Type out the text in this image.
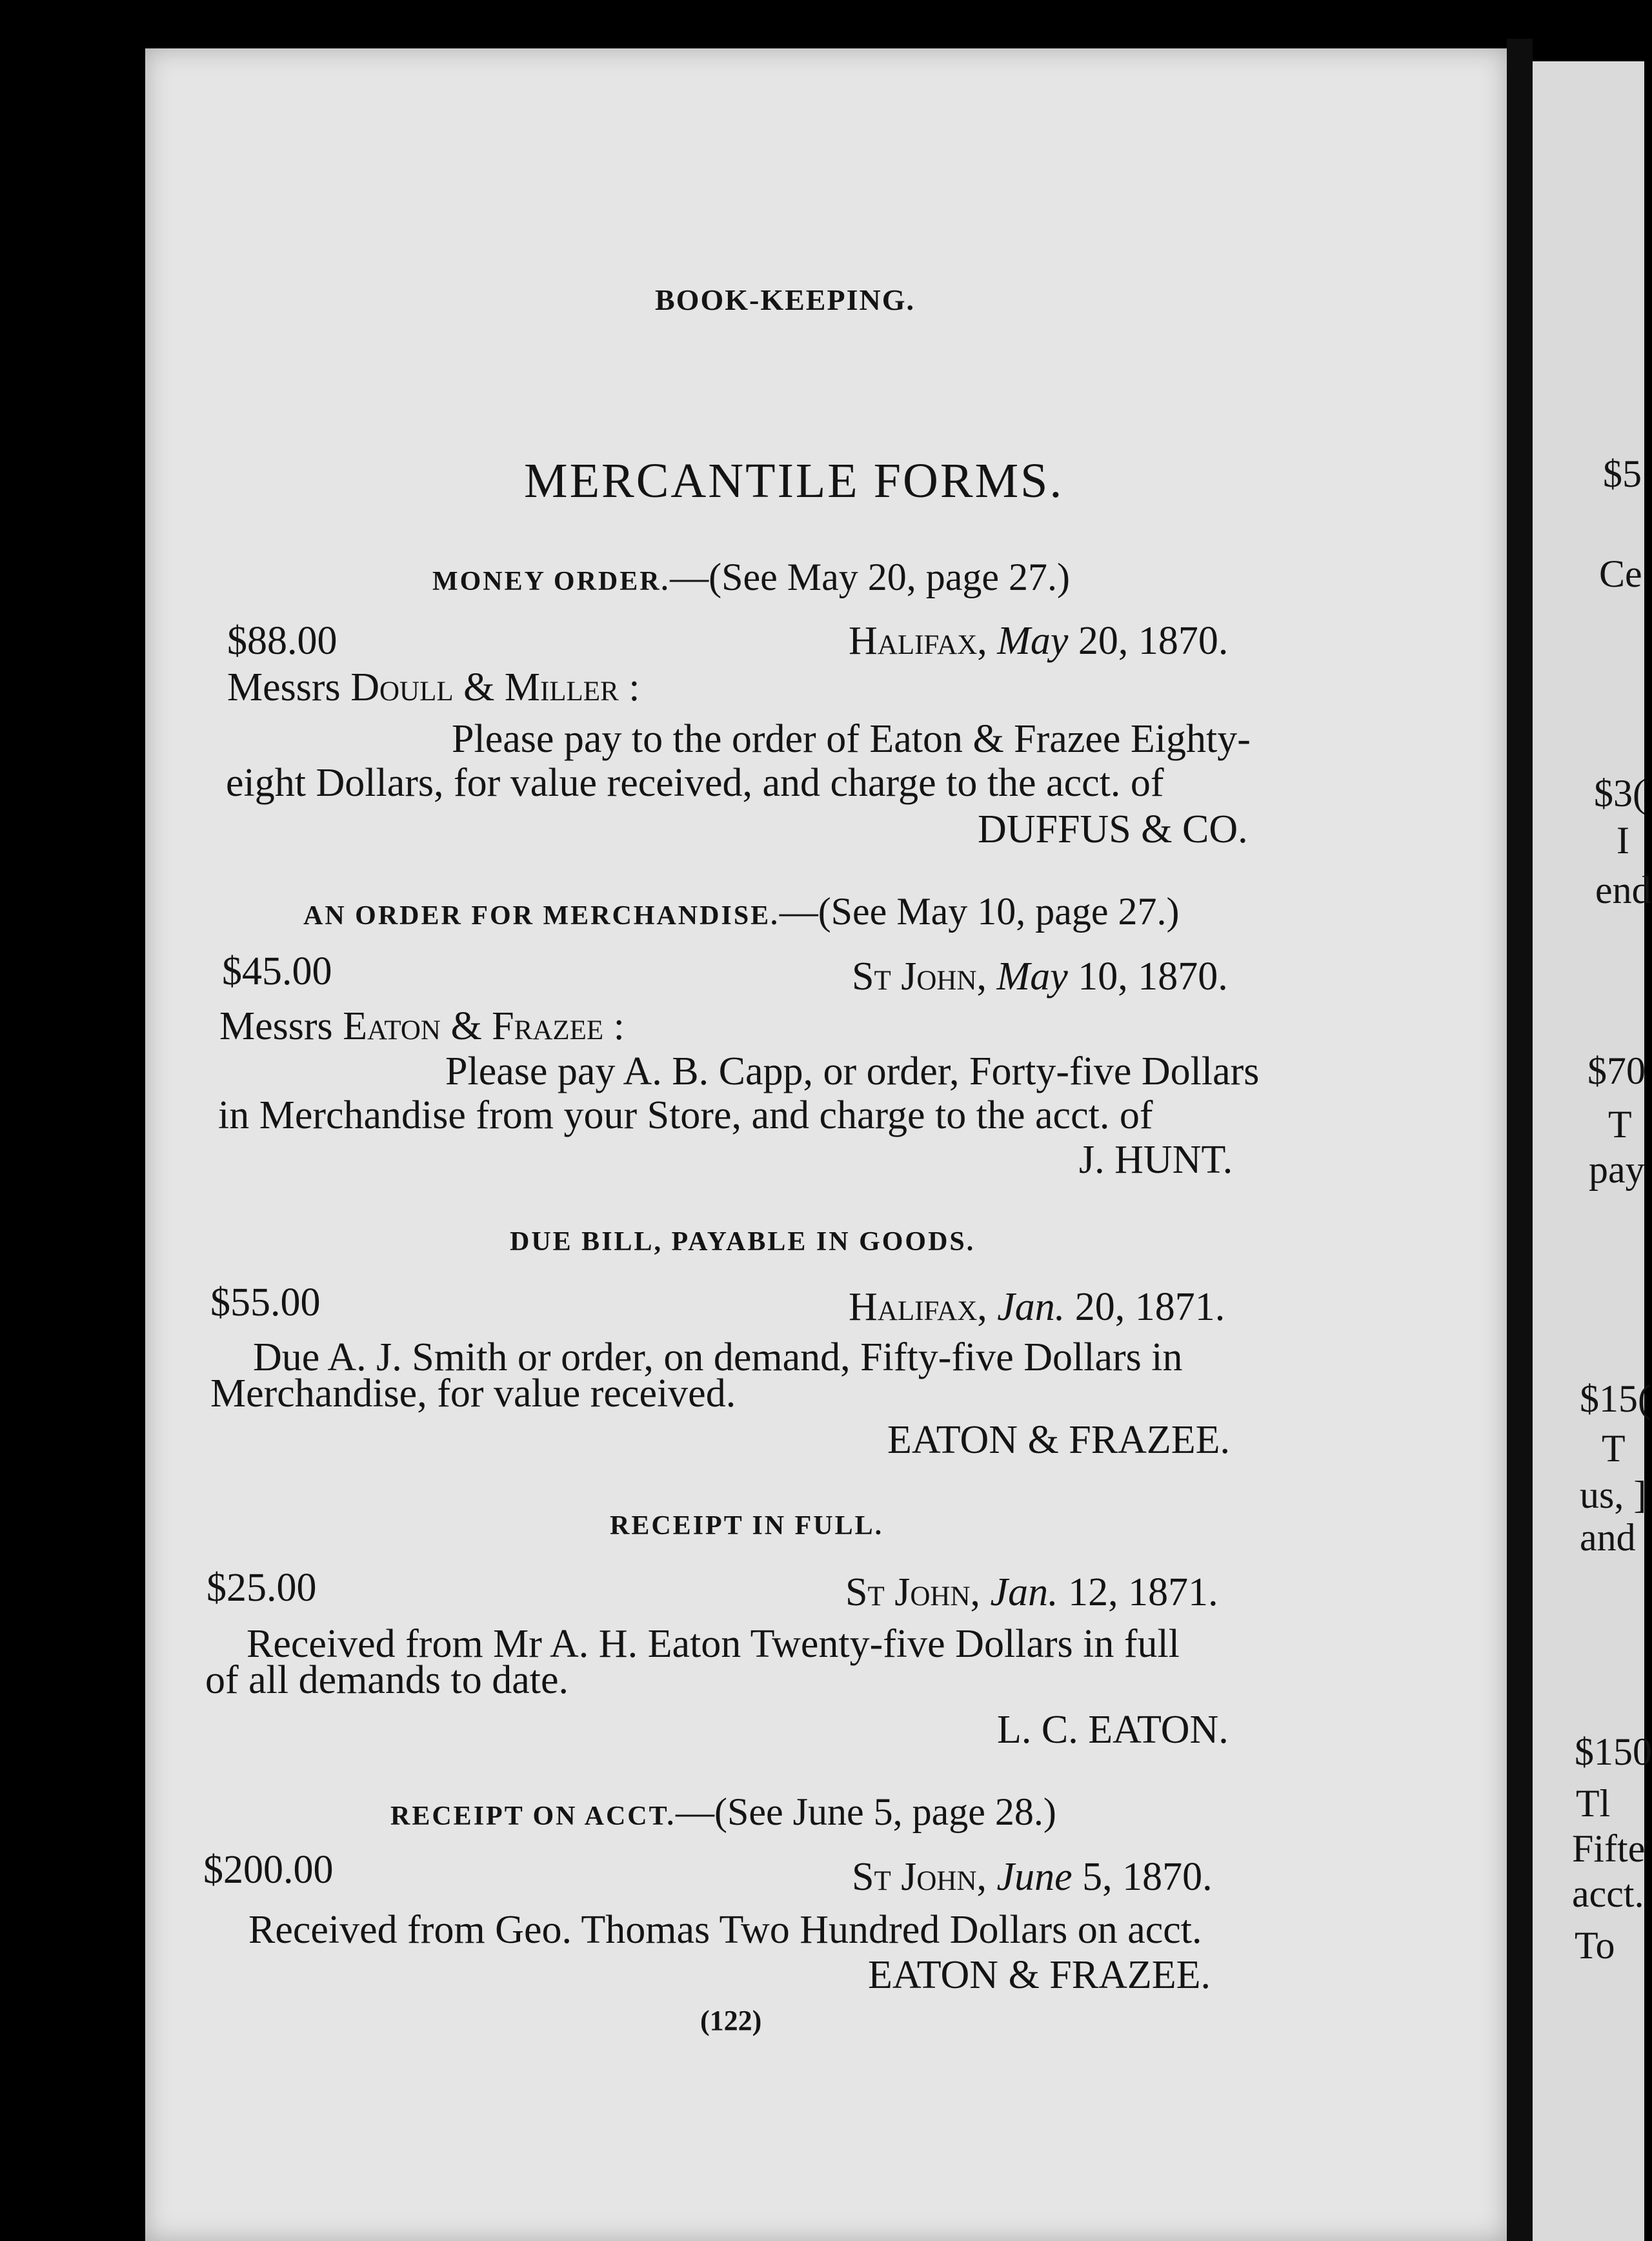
BOOK-KEEPING.
MERCANTILE FORMS.
MONEY ORDER.—(See May 20, page 27.)
$88.00	Halifax, May 20, 1870.
Messrs Doull & Miller :
Please pay to the order of Eaton & Frazee Eighty-
eight Dollars, for value received, and charge to the acct. of
DUFFUS & CO.
AN ORDER FOR MERCHANDISE.—(See May 10, page 27.)
$45.00	St John, May 10, 1870.
Messrs Eaton & Frazee :
Please pay A. B. Capp, or order, Forty-five Dollars
in Merchandise from your Store, and charge to the acct. of
J. HUNT.
DUE BILL, PAYABLE IN GOODS.
$55.00	Halifax, Jan. 20, 1871.
Due A. J. Smith or order, on demand, Fifty-five Dollars in
Merchandise, for value received.
EATON & FRAZEE.
RECEIPT IN FULL.
$25.00	St John, Jan. 12, 1871.
Received from Mr A. H. Eaton Twenty-five Dollars in full
of all demands to date.
L. C. EATON.
RECEIPT ON ACCT.—(See June 5, page 28.)
$200.00	St John, June 5, 1870.
Received from Geo. Thomas Two Hundred Dollars on acct.
EATON & FRAZEE.
(122)
$5
Ce
$3(
I
end
$70
T
pay
$15(
T
us, ]
and
$150
Tl
Fifte
acct.
To
